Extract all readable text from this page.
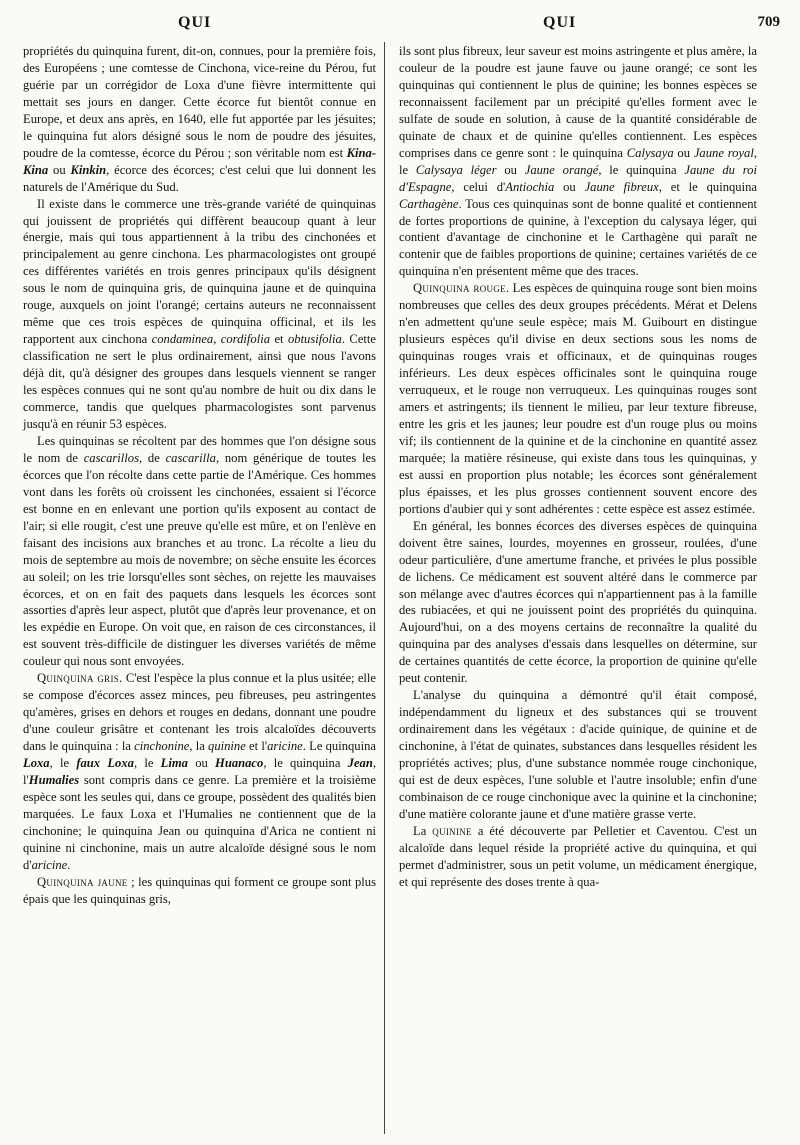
QUI	QUI	709

propriétés du quinquina furent, dit-on, connues, pour la première fois, des Européens ; une comtesse de Cinchona, vice-reine du Pérou, fut guérie par un corrégidor de Loxa d'une fièvre intermittente qui mettait ses jours en danger. Cette écorce fut bientôt connue en Europe, et deux ans après, en 1640, elle fut apportée par les jésuites; le quinquina fut alors désigné sous le nom de poudre des jésuites, poudre de la comtesse, écorce du Pérou ; son véritable nom est Kina-Kina ou Kinkin, écorce des écorces; c'est celui que lui donnent les naturels de l'Amérique du Sud.

Il existe dans le commerce une très-grande variété de quinquinas qui jouissent de propriétés qui diffèrent beaucoup quant à leur énergie, mais qui tous appartiennent à la tribu des cinchonées et principalement au genre cinchona. Les pharmacologistes ont groupé ces différentes variétés en trois genres principaux qu'ils désignent sous le nom de quinquina gris, de quinquina jaune et de quinquina rouge, auxquels on joint l'orangé; certains auteurs ne reconnaissent même que ces trois espèces de quinquina officinal, et ils les rapportent aux cinchona condaminea, cordifolia et obtusifolia. Cette classification ne sert le plus ordinairement, ainsi que nous l'avons déjà dit, qu'à désigner des groupes dans lesquels viennent se ranger les espèces connues qui ne sont qu'au nombre de huit ou dix dans le commerce, tandis que quelques pharmacologistes sont parvenus jusqu'à en réunir 53 espèces.

Les quinquinas se récoltent par des hommes que l'on désigne sous le nom de cascarillos, de cascarilla, nom générique de toutes les écorces que l'on récolte dans cette partie de l'Amérique. Ces hommes vont dans les forêts où croissent les cinchonées, essaient si l'écorce est bonne en en enlevant une portion qu'ils exposent au contact de l'air; si elle rougit, c'est une preuve qu'elle est mûre, et on l'enlève en faisant des incisions aux branches et au tronc. La récolte a lieu du mois de septembre au mois de novembre; on sèche ensuite les écorces au soleil; on les trie lorsqu'elles sont sèches, on rejette les mauvaises écorces, et on en fait des paquets dans lesquels les écorces sont assorties d'après leur aspect, plutôt que d'après leur provenance, et on les expédie en Europe. On voit que, en raison de ces circonstances, il est souvent très-difficile de distinguer les diverses variétés de même couleur qui nous sont envoyées.

Quinquina gris. C'est l'espèce la plus connue et la plus usitée; elle se compose d'écorces assez minces, peu fibreuses, peu astringentes qu'amères, grises en dehors et rouges en dedans, donnant une poudre d'une couleur grisâtre et contenant les trois alcaloïdes découverts dans le quinquina : la cinchonine, la quinine et l'aricine. Le quinquina Loxa, le faux Loxa, le Lima ou Huanaco, le quinquina Jean, l'Humalies sont compris dans ce genre. La première et la troisième espèce sont les seules qui, dans ce groupe, possèdent des qualités bien marquées. Le faux Loxa et l'Humalies ne contiennent que de la cinchonine; le quinquina Jean ou quinquina d'Arica ne contient ni quinine ni cinchonine, mais un autre alcaloïde désigné sous le nom d'aricine.

Quinquina jaune ; les quinquinas qui forment ce groupe sont plus épais que les quinquinas gris,

ils sont plus fibreux, leur saveur est moins astringente et plus amère, la couleur de la poudre est jaune fauve ou jaune orangé; ce sont les quinquinas qui contiennent le plus de quinine; les bonnes espèces se reconnaissent facilement par un précipité qu'elles forment avec le sulfate de soude en solution, à cause de la quantité considérable de quinate de chaux et de quinine qu'elles contiennent. Les espèces comprises dans ce genre sont : le quinquina Calysaya ou Jaune royal, le Calysaya léger ou Jaune orangé, le quinquina Jaune du roi d'Espagne, celui d'Antiochia ou Jaune fibreux, et le quinquina Carthagène. Tous ces quinquinas sont de bonne qualité et contiennent de fortes proportions de quinine, à l'exception du calysaya léger, qui contient d'avantage de cinchonine et le Carthagène qui paraît ne contenir que de faibles proportions de quinine; certaines variétés de ce quinquina n'en présentent même que des traces.

Quinquina rouge. Les espèces de quinquina rouge sont bien moins nombreuses que celles des deux groupes précédents. Mérat et Delens n'en admettent qu'une seule espèce; mais M. Guibourt en distingue plusieurs espèces qu'il divise en deux sections sous les noms de quinquinas rouges vrais et officinaux, et de quinquinas rouges inférieurs. Les deux espèces officinales sont le quinquina rouge verruqueux, et le rouge non verruqueux. Les quinquinas rouges sont amers et astringents; ils tiennent le milieu, par leur texture fibreuse, entre les gris et les jaunes; leur poudre est d'un rouge plus ou moins vif; ils contiennent de la quinine et de la cinchonine en quantité assez marquée; la matière résineuse, qui existe dans tous les quinquinas, y est aussi en proportion plus notable; les écorces sont généralement plus épaisses, et les plus grosses contiennent souvent encore des portions d'aubier qui y sont adhérentes : cette espèce est assez estimée.

En général, les bonnes écorces des diverses espèces de quinquina doivent être saines, lourdes, moyennes en grosseur, roulées, d'une odeur particulière, d'une amertume franche, et privées le plus possible de lichens. Ce médicament est souvent altéré dans le commerce par son mélange avec d'autres écorces qui n'appartiennent pas à la famille des rubiacées, et qui ne jouissent point des propriétés du quinquina. Aujourd'hui, on a des moyens certains de reconnaître la qualité du quinquina par des analyses d'essais dans lesquelles on détermine, sur de certaines quantités de cette écorce, la proportion de quinine qu'elle peut contenir.

L'analyse du quinquina a démontré qu'il était composé, indépendamment du ligneux et des substances qui se trouvent ordinairement dans les végétaux : d'acide quinique, de quinine et de cinchonine, à l'état de quinates, substances dans lesquelles résident les propriétés actives; plus, d'une substance nommée rouge cinchonique, qui est de deux espèces, l'une soluble et l'autre insoluble; enfin d'une combinaison de ce rouge cinchonique avec la quinine et la cinchonine; d'une matière colorante jaune et d'une matière grasse verte.

La quinine a été découverte par Pelletier et Caventou. C'est un alcaloïde dans lequel réside la propriété active du quinquina, et qui permet d'administrer, sous un petit volume, un médicament énergique, et qui représente des doses trente à qua-
